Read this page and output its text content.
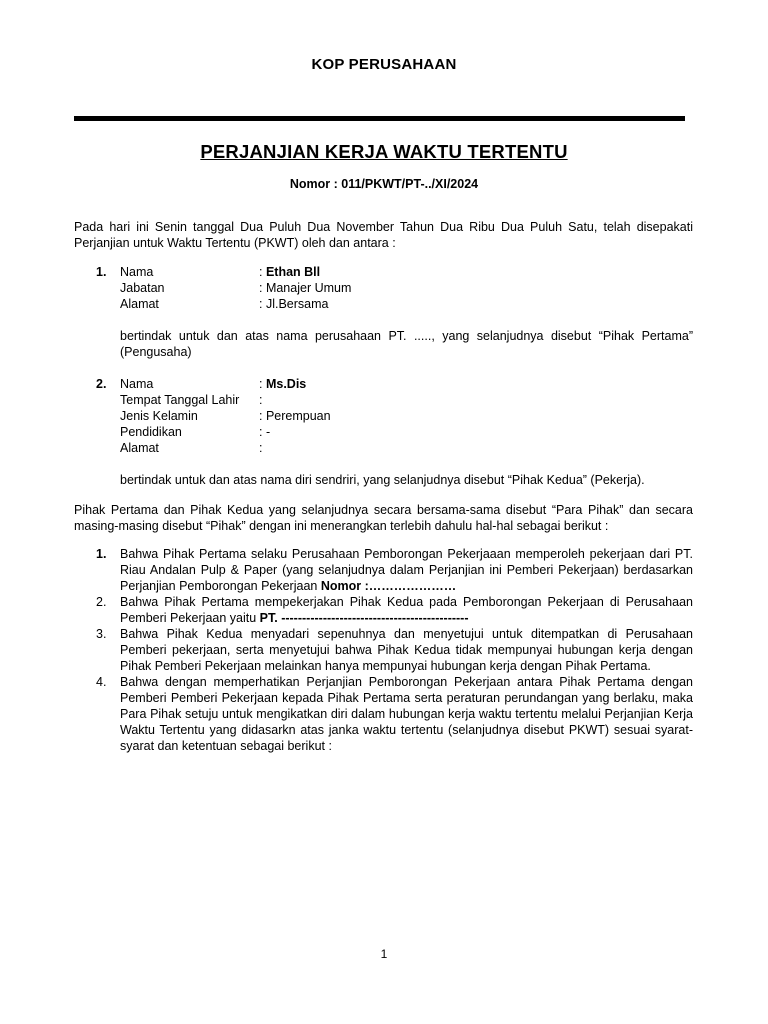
KOP PERUSAHAAN
PERJANJIAN KERJA WAKTU TERTENTU
Nomor : 011/PKWT/PT-../XI/2024
Pada hari ini Senin tanggal Dua Puluh Dua November Tahun Dua Ribu Dua Puluh Satu, telah disepakati Perjanjian untuk Waktu Tertentu (PKWT) oleh dan antara :
1.	Nama	: Ethan Bll
Jabatan	: Manajer Umum
Alamat	: Jl.Bersama
bertindak untuk dan atas nama perusahaan PT. ....., yang selanjudnya disebut “Pihak Pertama” (Pengusaha)
2.	Nama	: Ms.Dis
Tempat Tanggal Lahir :
Jenis Kelamin	: Perempuan
Pendidikan	: -
Alamat	:
bertindak untuk dan atas nama diri sendriri, yang selanjudnya disebut “Pihak Kedua” (Pekerja).
Pihak Pertama dan Pihak Kedua yang selanjudnya secara bersama-sama disebut “Para Pihak” dan secara masing-masing disebut “Pihak” dengan ini menerangkan terlebih dahulu hal-hal sebagai berikut :
1. Bahwa Pihak Pertama selaku Perusahaan Pemborongan Pekerjaaan memperoleh pekerjaan dari PT. Riau Andalan Pulp & Paper (yang selanjudnya dalam Perjanjian ini Pemberi Pekerjaan) berdasarkan Perjanjian Pemborongan Pekerjaan Nomor :…………………
2. Bahwa Pihak Pertama mempekerjakan Pihak Kedua pada Pemborongan Pekerjaan di Perusahaan Pemberi Pekerjaan yaitu PT. ---------------------------------------------
3. Bahwa Pihak Kedua menyadari sepenuhnya dan menyetujui untuk ditempatkan di Perusahaan Pemberi pekerjaan, serta menyetujui bahwa Pihak Kedua tidak mempunyai hubungan kerja dengan Pihak Pemberi Pekerjaan melainkan hanya mempunyai hubungan kerja dengan Pihak Pertama.
4. Bahwa dengan memperhatikan Perjanjian Pemborongan Pekerjaan antara Pihak Pertama dengan Pemberi Pemberi Pekerjaan kepada Pihak Pertama serta peraturan perundangan yang berlaku, maka Para Pihak setuju untuk mengikatkan diri dalam hubungan kerja waktu tertentu melalui Perjanjian Kerja Waktu Tertentu yang didasarkn atas janka waktu tertentu (selanjudnya disebut PKWT) sesuai syarat-syarat dan ketentuan sebagai berikut :
1
